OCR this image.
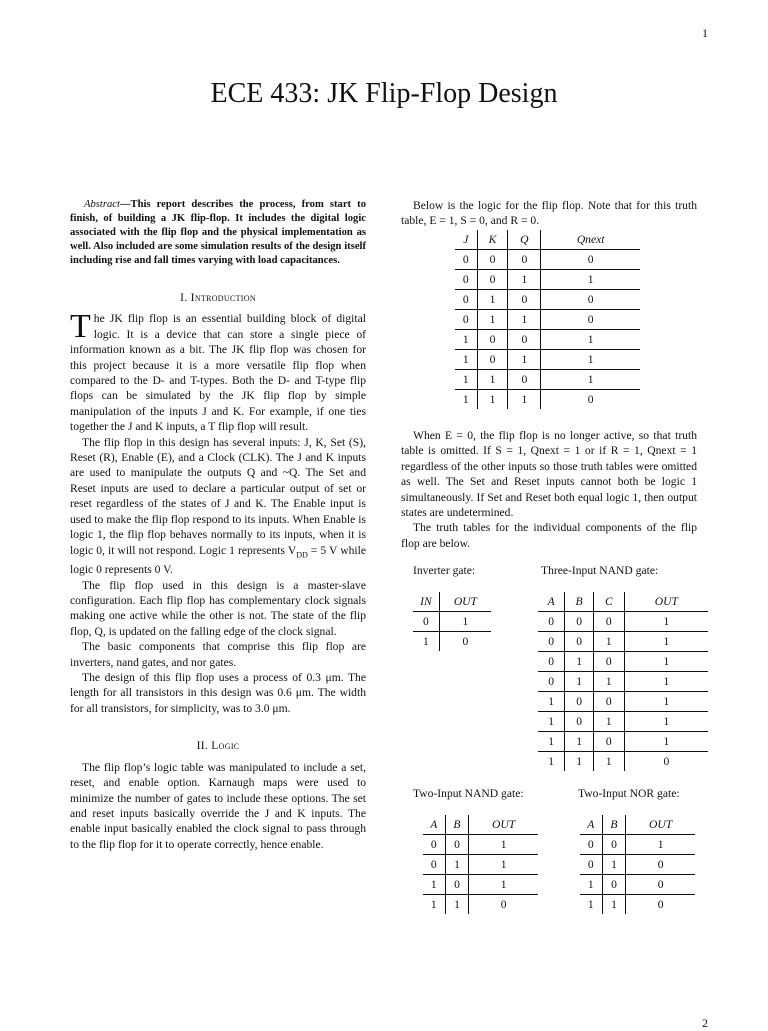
1
ECE 433: JK Flip-Flop Design

Abstract—This report describes the process, from start to finish, of building a JK flip-flop. It includes the digital logic associated with the flip flop and the physical implementation as well. Also included are some simulation results of the design itself including rise and fall times varying with load capacitances.

I. Introduction

The JK flip flop is an essential building block of digital logic. It is a device that can store a single piece of information known as a bit. The JK flip flop was chosen for this project because it is a more versatile flip flop when compared to the D- and T-types. Both the D- and T-type flip flops can be simulated by the JK flip flop by simple manipulation of the inputs J and K. For example, if one ties together the J and K inputs, a T flip flop will result.

The flip flop in this design has several inputs: J, K, Set (S), Reset (R), Enable (E), and a Clock (CLK). The J and K inputs are used to manipulate the outputs Q and ~Q. The Set and Reset inputs are used to declare a particular output of set or reset regardless of the states of J and K. The Enable input is used to make the flip flop respond to its inputs. When Enable is logic 1, the flip flop behaves normally to its inputs, when it is logic 0, it will not respond. Logic 1 represents $V_{DD} = 5$ V while logic 0 represents 0 V.

The flip flop used in this design is a master-slave configuration. Each flip flop has complementary clock signals making one active while the other is not. The state of the flip flop, Q, is updated on the falling edge of the clock signal.

The basic components that comprise this flip flop are inverters, nand gates, and nor gates.

The design of this flip flop uses a process of 0.3 μm. The length for all transistors in this design was 0.6 μm. The width for all transistors, for simplicity, was to 3.0 μm.

II. Logic

The flip flop’s logic table was manipulated to include a set, reset, and enable option. Karnaugh maps were used to minimize the number of gates to include these options. The set and reset inputs basically override the J and K inputs. The enable input basically enabled the clock signal to pass through to the flip flop for it to operate correctly, hence enable.

Below is the logic for the flip flop. Note that for this truth table, E = 1, S = 0, and R = 0.

J	K	Q	Qnext
0	0	0	0
0	0	1	1
0	1	0	0
0	1	1	0
1	0	0	1
1	0	1	1
1	1	0	1
1	1	1	0

When E = 0, the flip flop is no longer active, so that truth table is omitted. If S = 1, Qnext = 1 or if R = 1, Qnext = 1 regardless of the other inputs so those truth tables were omitted as well. The Set and Reset inputs cannot both be logic 1 simultaneously. If Set and Reset both equal logic 1, then output states are undetermined.

The truth tables for the individual components of the flip flop are below.

Inverter gate:	Three-Input NAND gate:
IN	OUT
0	1
1	0
A	B	C	OUT
0	0	0	1
0	0	1	1
0	1	0	1
0	1	1	1
1	0	0	1
1	0	1	1
1	1	0	1
1	1	1	0
Two-Input NAND gate:	Two-Input NOR gate:
A	B	OUT
0	0	1
0	1	1
1	0	1
1	1	0
A	B	OUT
0	0	1
0	1	0
1	0	0
1	1	0
2
